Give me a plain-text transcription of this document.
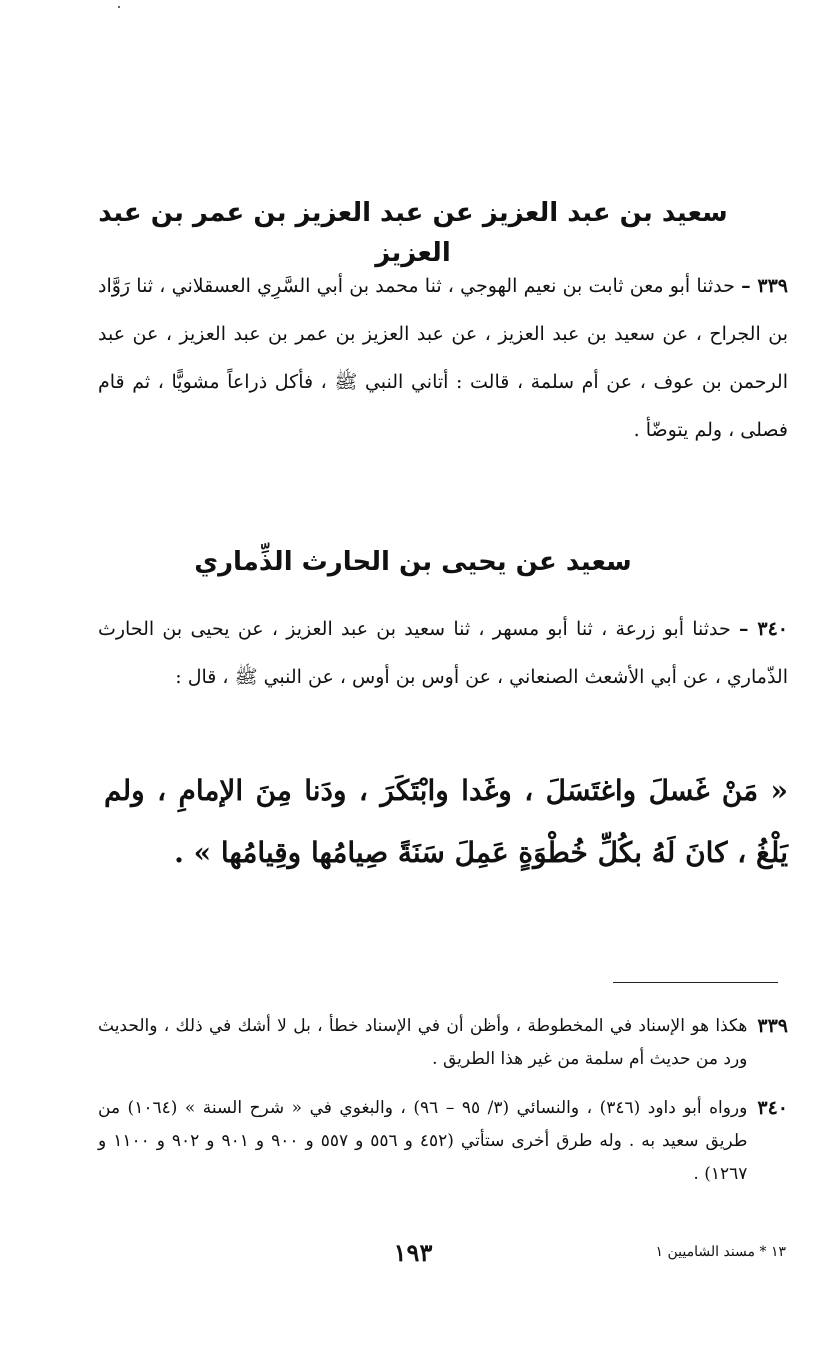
سعيد بن عبد العزيز عن عبد العزيز بن عمر بن عبد العزيز

٣٣٩ – حدثنا أبو معن ثابت بن نعيم الهوجي ، ثنا محمد بن أبي السَّرِي العسقلاني ، ثنا رَوَّاد بن الجراح ، عن سعيد بن عبد العزيز ، عن عبد العزيز بن عمر بن عبد العزيز ، عن عبد الرحمن بن عوف ، عن أم سلمة ، قالت : أتاني النبي ﷺ ، فأكل ذراعاً مشويًّا ، ثم قام فصلى ، ولم يتوضّأ .

سعيد عن يحيى بن الحارث الذِّماري

٣٤٠ – حدثنا أبو زرعة ، ثنا أبو مسهر ، ثنا سعيد بن عبد العزيز ، عن يحيى بن الحارث الذّماري ، عن أبي الأشعث الصنعاني ، عن أوس بن أوس ، عن النبي ﷺ ، قال :

« مَنْ غَسلَ واغتَسَلَ ، وغَدا وابْتَكَرَ ، ودَنا مِنَ الإمامِ ، ولم يَلْغُ ، كانَ لَهُ بكُلِّ خُطْوَةٍ عَمِلَ سَنَةً صِيامُها وقِيامُها » .

٣٣٩
هكذا هو الإسناد في المخطوطة ، وأظن أن في الإسناد خطأ ، بل لا أشك في ذلك ، والحديث ورد من حديث أم سلمة من غير هذا الطريق .
٣٤٠
ورواه أبو داود (٣٤٦) ، والنسائي (٣/ ٩٥ – ٩٦) ، والبغوي في « شرح السنة » (١٠٦٤) من طريق سعيد به . وله طرق أخرى ستأتي (٤٥٢ و ٥٥٦ و ٥٥٧ و ٩٠٠ و ٩٠١ و ٩٠٢ و ١١٠٠ و ١٢٦٧) .
١٣ * مسند الشاميين ١
١٩٣
